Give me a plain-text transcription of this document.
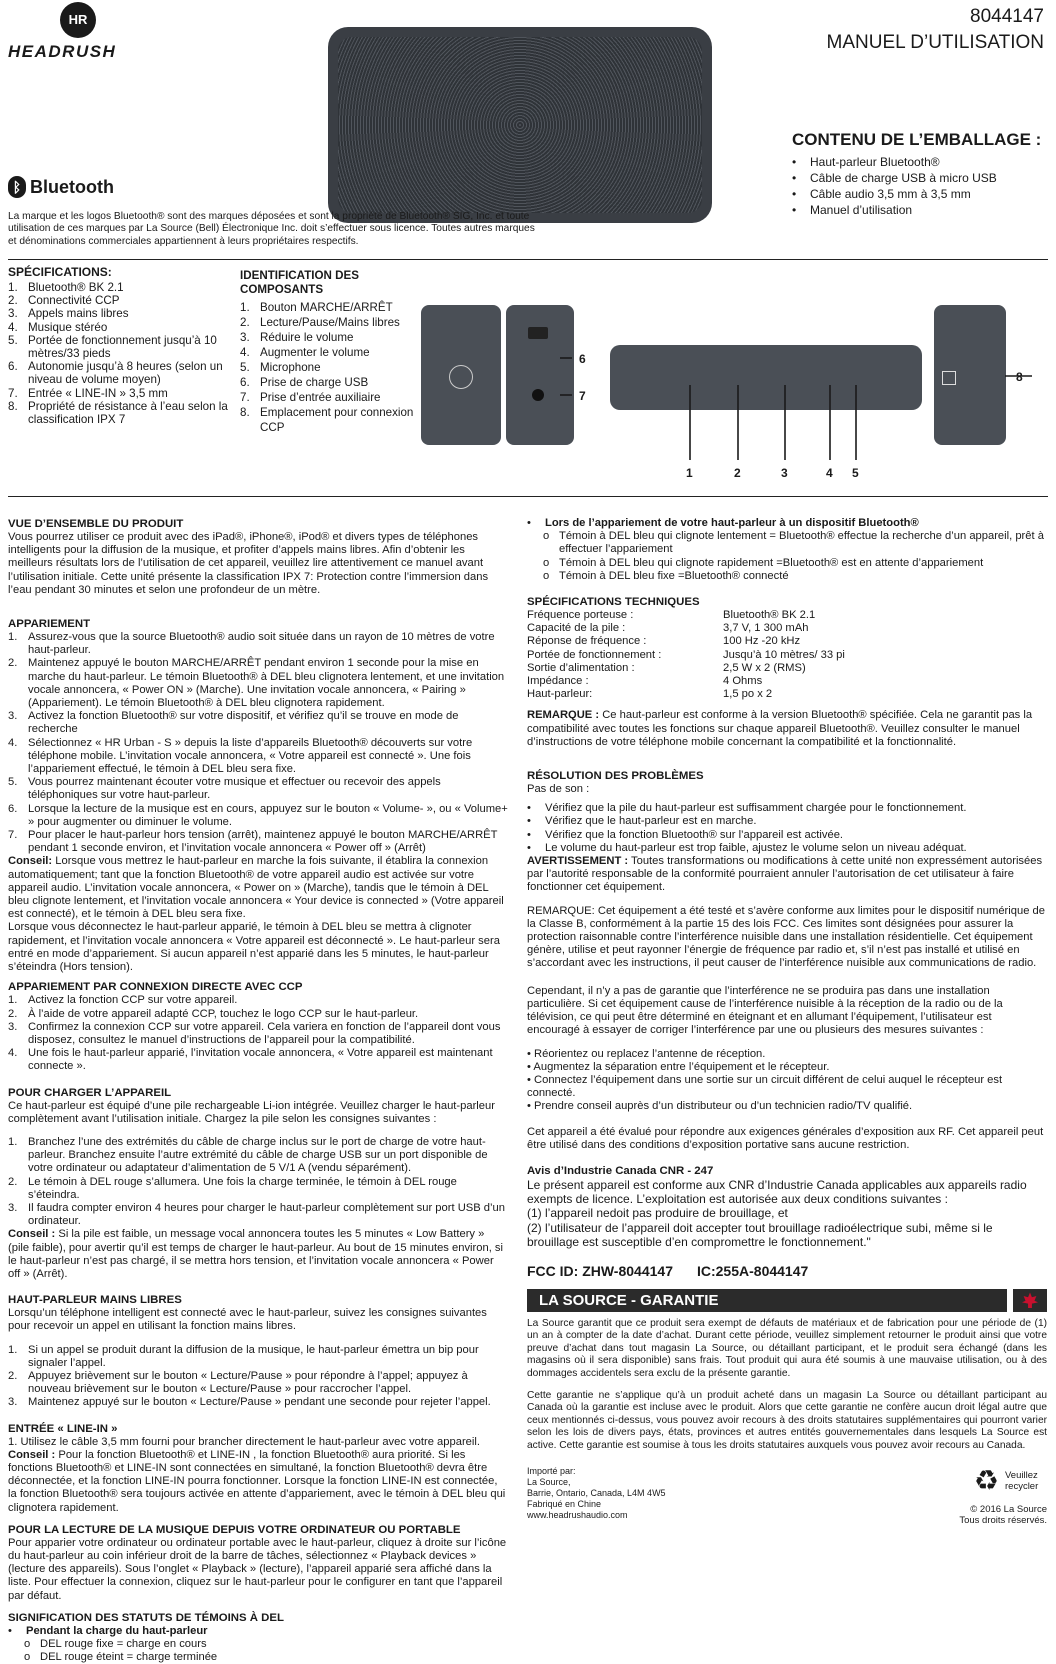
HR
HEADRUSH
8044147
MANUEL D’UTILISATION
CONTENU DE L’EMBALLAGE :
•	Haut-parleur Bluetooth®
•	Câble de charge USB à micro USB
•	Câble audio 3,5 mm à 3,5 mm
•	Manuel d’utilisation
ᛒ Bluetooth

La marque et les logos Bluetooth® sont des marques déposées et sont la propriété de Bluetooth® SIG, Inc. et toute utilisation de ces marques par La Source (Bell) Électronique Inc. doit s’effectuer sous licence. Toutes autres marques et dénominations commerciales appartiennent à leurs propriétaires respectifs.

SPÉCIFICATIONS:
1. Bluetooth® BK 2.1
2. Connectivité CCP
3. Appels mains libres
4. Musique stéréo
5. Portée de fonctionnement jusqu’à 10 mètres/33 pieds
6. Autonomie jusqu’à 8 heures (selon un niveau de volume moyen)
7. Entrée « LINE-IN » 3,5 mm
8. Propriété de résistance à l’eau selon la classification IPX 7
IDENTIFICATION DES COMPOSANTS
1. Bouton MARCHE/ARRÊT
2. Lecture/Pause/Mains libres
3. Réduire le volume
4. Augmenter le volume
5. Microphone
6. Prise de charge USB
7. Prise d’entrée auxiliaire
8. Emplacement pour connexion CCP
6
7
8
1	2	3	4 5
VUE D’ENSEMBLE DU PRODUIT

Vous pourrez utiliser ce produit avec des iPad®, iPhone®, iPod® et divers types de téléphones intelligents pour la diffusion de la musique, et profiter d’appels mains libres. Afin d’obtenir les meilleurs résultats lors de l’utilisation de cet appareil, veuillez lire attentivement ce manuel avant l’utilisation initiale. Cette unité présente la classification IPX 7: Protection contre l’immersion dans l’eau pendant 30 minutes et selon une profondeur de un mètre.

APPARIEMENT
1. Assurez-vous que la source Bluetooth® audio soit située dans un rayon de 10 mètres de votre haut-parleur.
2. Maintenez appuyé le bouton MARCHE/ARRÊT pendant environ 1 seconde pour la mise en marche du haut-parleur. Le témoin Bluetooth® à DEL bleu clignotera lentement, et une invitation vocale annoncera, « Power ON » (Marche). Une invitation vocale annoncera, « Pairing » (Appariement). Le témoin Bluetooth® à DEL bleu clignotera rapidement.
3. Activez la fonction Bluetooth® sur votre dispositif, et vérifiez qu’il se trouve en mode de recherche
4. Sélectionnez « HR Urban - S » depuis la liste d’appareils Bluetooth® découverts sur votre téléphone mobile. L’invitation vocale annoncera, « Votre appareil est connecté ». Une fois l’appariement effectué, le témoin à DEL bleu sera fixe.
5. Vous pourrez maintenant écouter votre musique et effectuer ou recevoir des appels téléphoniques sur votre haut-parleur.
6. Lorsque la lecture de la musique est en cours, appuyez sur le bouton « Volume- », ou « Volume+ » pour augmenter ou diminuer le volume.
7. Pour placer le haut-parleur hors tension (arrêt), maintenez appuyé le bouton MARCHE/ARRÊT pendant 1 seconde environ, et l’invitation vocale annoncera « Power off » (Arrêt)

Conseil: Lorsque vous mettrez le haut-parleur en marche la fois suivante, il établira la connexion automatiquement; tant que la fonction Bluetooth® de votre appareil audio est activée sur votre appareil audio. L’invitation vocale annoncera, « Power on » (Marche), tandis que le témoin à DEL bleu clignote lentement, et l’invitation vocale annoncera « Your device is connected » (Votre appareil est connecté), et le témoin à DEL bleu sera fixe.

Lorsque vous déconnectez le haut-parleur apparié, le témoin à DEL bleu se mettra à clignoter rapidement, et l’invitation vocale annoncera « Votre appareil est déconnecté ». Le haut-parleur sera entré en mode d’appariement. Si aucun appareil n’est apparié dans les 5 minutes, le haut-parleur s’éteindra (Hors tension).

APPARIEMENT PAR CONNEXION DIRECTE AVEC CCP
1. Activez la fonction CCP sur votre appareil.
2. À l’aide de votre appareil adapté CCP, touchez le logo CCP sur le haut-parleur.
3. Confirmez la connexion CCP sur votre appareil. Cela variera en fonction de l’appareil dont vous disposez, consultez le manuel d’instructions de l’appareil pour la compatibilité.
4. Une fois le haut-parleur apparié, l’invitation vocale annoncera, « Votre appareil est maintenant connecte ».
POUR CHARGER L’APPAREIL

Ce haut-parleur est équipé d’une pile rechargeable Li-ion intégrée. Veuillez charger le haut-parleur complètement avant l’utilisation initiale. Chargez la pile selon les consignes suivantes :

1. Branchez l’une des extrémités du câble de charge inclus sur le port de charge de votre haut-parleur. Branchez ensuite l’autre extrémité du câble de charge USB sur un port disponible de votre ordinateur ou adaptateur d’alimentation de 5 V/1 A (vendu séparément).
2. Le témoin à DEL rouge s’allumera. Une fois la charge terminée, le témoin à DEL rouge s’éteindra.
3. Il faudra compter environ 4 heures pour charger le haut-parleur complètement sur port USB d’un ordinateur.

Conseil : Si la pile est faible, un message vocal annoncera toutes les 5 minutes « Low Battery » (pile faible), pour avertir qu’il est temps de charger le haut-parleur. Au bout de 15 minutes environ, si le haut-parleur n’est pas chargé, il se mettra hors tension, et l’invitation vocale annoncera « Power off » (Arrêt).

HAUT-PARLEUR MAINS LIBRES

Lorsqu’un téléphone intelligent est connecté avec le haut-parleur, suivez les consignes suivantes pour recevoir un appel en utilisant la fonction mains libres.

1. Si un appel se produit durant la diffusion de la musique, le haut-parleur émettra un bip pour signaler l’appel.
2. Appuyez brièvement sur le bouton « Lecture/Pause » pour répondre à l’appel; appuyez à nouveau brièvement sur le bouton « Lecture/Pause » pour raccrocher l’appel.
3. Maintenez appuyé sur le bouton « Lecture/Pause » pendant une seconde pour rejeter l’appel.
ENTRÉE « LINE-IN »

1. Utilisez le câble 3,5 mm fourni pour brancher directement le haut-parleur avec votre appareil.

Conseil : Pour la fonction Bluetooth® et LINE-IN , la fonction Bluetooth® aura priorité. Si les fonctions Bluetooth® et LINE-IN sont connectées en simultané, la fonction Bluetooth® devra être déconnectée, et la fonction LINE-IN pourra fonctionner. Lorsque la fonction LINE-IN est connectée, la fonction Bluetooth® sera toujours activée en attente d’appariement, avec le témoin à DEL bleu qui clignotera rapidement.

POUR LA LECTURE DE LA MUSIQUE DEPUIS VOTRE ORDINATEUR OU PORTABLE

Pour apparier votre ordinateur ou ordinateur portable avec le haut-parleur, cliquez à droite sur l’icône du haut-parleur au coin inférieur droit de la barre de tâches, sélectionnez « Playback devices » (lecture des appareils). Sous l’onglet « Playback » (lecture), l’appareil apparié sera affiché dans la liste. Pour effectuer la connexion, cliquez sur le haut-parleur pour le configurer en tant que l’appareil par défaut.

SIGNIFICATION DES STATUTS DE TÉMOINS À DEL
•	Pendant la charge du haut-parleur
o DEL rouge fixe = charge en cours
o DEL rouge éteint = charge terminée
•	Lors de l’appariement de votre haut-parleur à un dispositif Bluetooth®
o Témoin à DEL bleu qui clignote lentement = Bluetooth® effectue la recherche d’un appareil, prêt à effectuer l’appariement
o Témoin à DEL bleu qui clignote rapidement =Bluetooth® est en attente d’appariement
o Témoin à DEL bleu fixe =Bluetooth® connecté
SPÉCIFICATIONS TECHNIQUES
Fréquence porteuse :	Bluetooth® BK 2.1
Capacité de la pile :	3,7 V, 1 300 mAh
Réponse de fréquence :	100 Hz -20 kHz
Portée de fonctionnement :	Jusqu’à 10 mètres/ 33 pi
Sortie d’alimentation :	2,5 W x 2 (RMS)
Impédance :	4 Ohms
Haut-parleur:	1,5 po x 2

REMARQUE : Ce haut-parleur est conforme à la version Bluetooth® spécifiée. Cela ne garantit pas la compatibilité avec toutes les fonctions sur chaque appareil Bluetooth®. Veuillez consulter le manuel d’instructions de votre téléphone mobile concernant la compatibilité et la fonctionnalité.

RÉSOLUTION DES PROBLÈMES

Pas de son :

•	Vérifiez que la pile du haut-parleur est suffisamment chargée pour le fonctionnement.
•	Vérifiez que le haut-parleur est en marche.
•	Vérifiez que la fonction Bluetooth® sur l’appareil est activée.
•	Le volume du haut-parleur est trop faible, ajustez le volume selon un niveau adéquat.

AVERTISSEMENT : Toutes transformations ou modifications à cette unité non expressément autorisées par l’autorité responsable de la conformité pourraient annuler l’autorisation de cet utilisateur à faire fonctionner cet équipement.

REMARQUE: Cet équipement a été testé et s’avère conforme aux limites pour le dispositif numérique de la Classe B, conformément à la partie 15 des lois FCC. Ces limites sont désignées pour assurer la protection raisonnable contre l’interférence nuisible dans une installation résidentielle. Cet équipement génère, utilise et peut rayonner l’énergie de fréquence par radio et, s’il n’est pas installé et utilisé en s’accordant avec les instructions, il peut causer de l’interférence nuisible aux communications de radio.

Cependant, il n’y a pas de garantie que l’interférence ne se produira pas dans une installation particulière. Si cet équipement cause de l’interférence nuisible à la réception de la radio ou de la télévision, ce qui peut être déterminé en éteignant et en allumant l’équipement, l’utilisateur est encouragé à essayer de corriger l’interférence par une ou plusieurs des mesures suivantes :

• Réorientez ou replacez l’antenne de réception.
• Augmentez la séparation entre l’équipement et le récepteur.
• Connectez l’équipement dans une sortie sur un circuit différent de celui auquel le récepteur est connecté.
• Prendre conseil auprès d’un distributeur ou d’un technicien radio/TV qualifié.

Cet appareil a été évalué pour répondre aux exigences générales d’exposition aux RF. Cet appareil peut être utilisé dans des conditions d’exposition portative sans aucune restriction.

Avis d’Industrie Canada CNR - 247

Le présent appareil est conforme aux CNR d’Industrie Canada applicables aux appareils radio exempts de licence. L’exploitation est autorisée aux deux conditions suivantes :

(1) l’appareil nedoit pas produire de brouillage, et

(2) l’utilisateur de l’appareil doit accepter tout brouillage radioélectrique subi, même si le brouillage est susceptible d’en compromettre le fonctionnement."

FCC ID: ZHW-8044147 IC:255A-8044147
LA SOURCE - GARANTIE

La Source garantit que ce produit sera exempt de défauts de matériaux et de fabrication pour une période de (1) un an à compter de la date d’achat. Durant cette période, veuillez simplement retourner le produit ainsi que votre preuve d’achat dans tout magasin La Source, ou détaillant participant, et le produit sera échangé (dans les magasins où il sera disponible) sans frais. Tout produit qui aura été soumis à une mauvaise utilisation, ou à des dommages accidentels sera exclu de la présente garantie.

Cette garantie ne s’applique qu’à un produit acheté dans un magasin La Source ou détaillant participant au Canada où la garantie est incluse avec le produit. Alors que cette garantie ne confère aucun droit légal autre que ceux mentionnés ci-dessus, vous pouvez avoir recours à des droits statutaires supplémentaires qui pourront varier selon les lois de divers pays, états, provinces et autres entités gouvernementales dans lesquels La Source est active. Cette garantie est soumise à tous les droits statutaires auxquels vous pouvez avoir recours au Canada.

Importé par:
La Source,
Barrie, Ontario, Canada, L4M 4W5
Fabriqué en Chine
www.headrushaudio.com
♻ Veuillez recycler
© 2016 La Source
Tous droits réservés.
